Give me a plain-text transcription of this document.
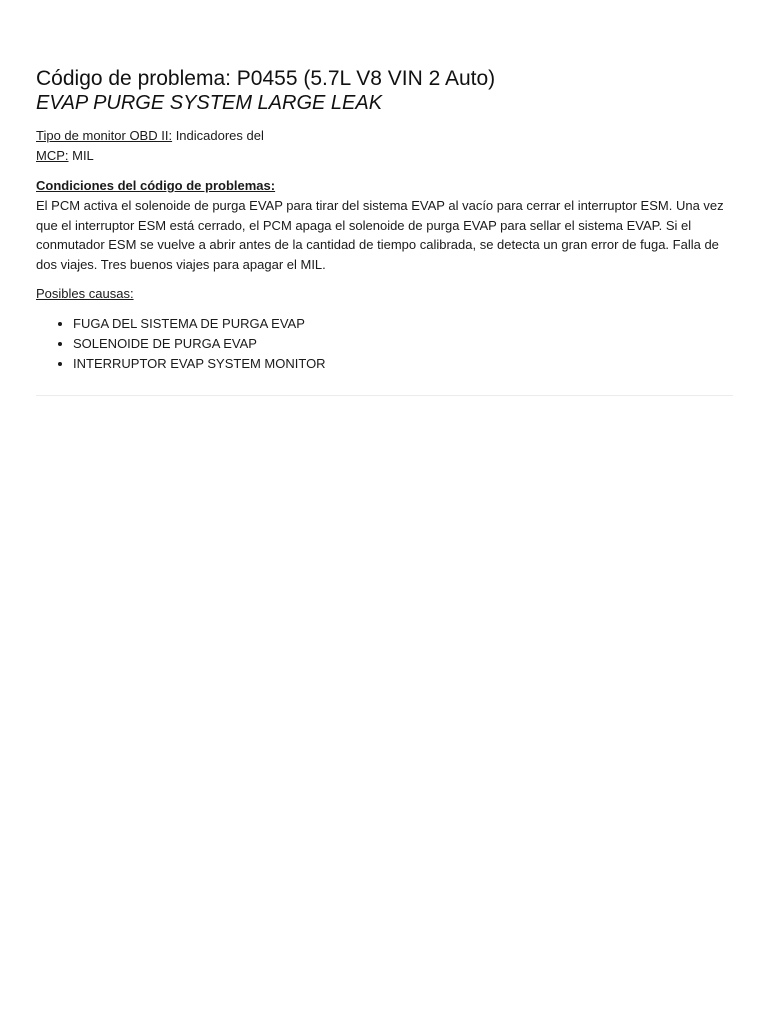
Código de problema: P0455 (5.7L V8 VIN 2 Auto)
EVAP PURGE SYSTEM LARGE LEAK
Tipo de monitor OBD II: Indicadores del
MCP: MIL
Condiciones del código de problemas:

El PCM activa el solenoide de purga EVAP para tirar del sistema EVAP al vacío para cerrar el interruptor ESM. Una vez que el interruptor ESM está cerrado, el PCM apaga el solenoide de purga EVAP para sellar el sistema EVAP. Si el conmutador ESM se vuelve a abrir antes de la cantidad de tiempo calibrada, se detecta un gran error de fuga. Falla de dos viajes. Tres buenos viajes para apagar el MIL.

Posibles causas:
• FUGA DEL SISTEMA DE PURGA EVAP
• SOLENOIDE DE PURGA EVAP
• INTERRUPTOR EVAP SYSTEM MONITOR
